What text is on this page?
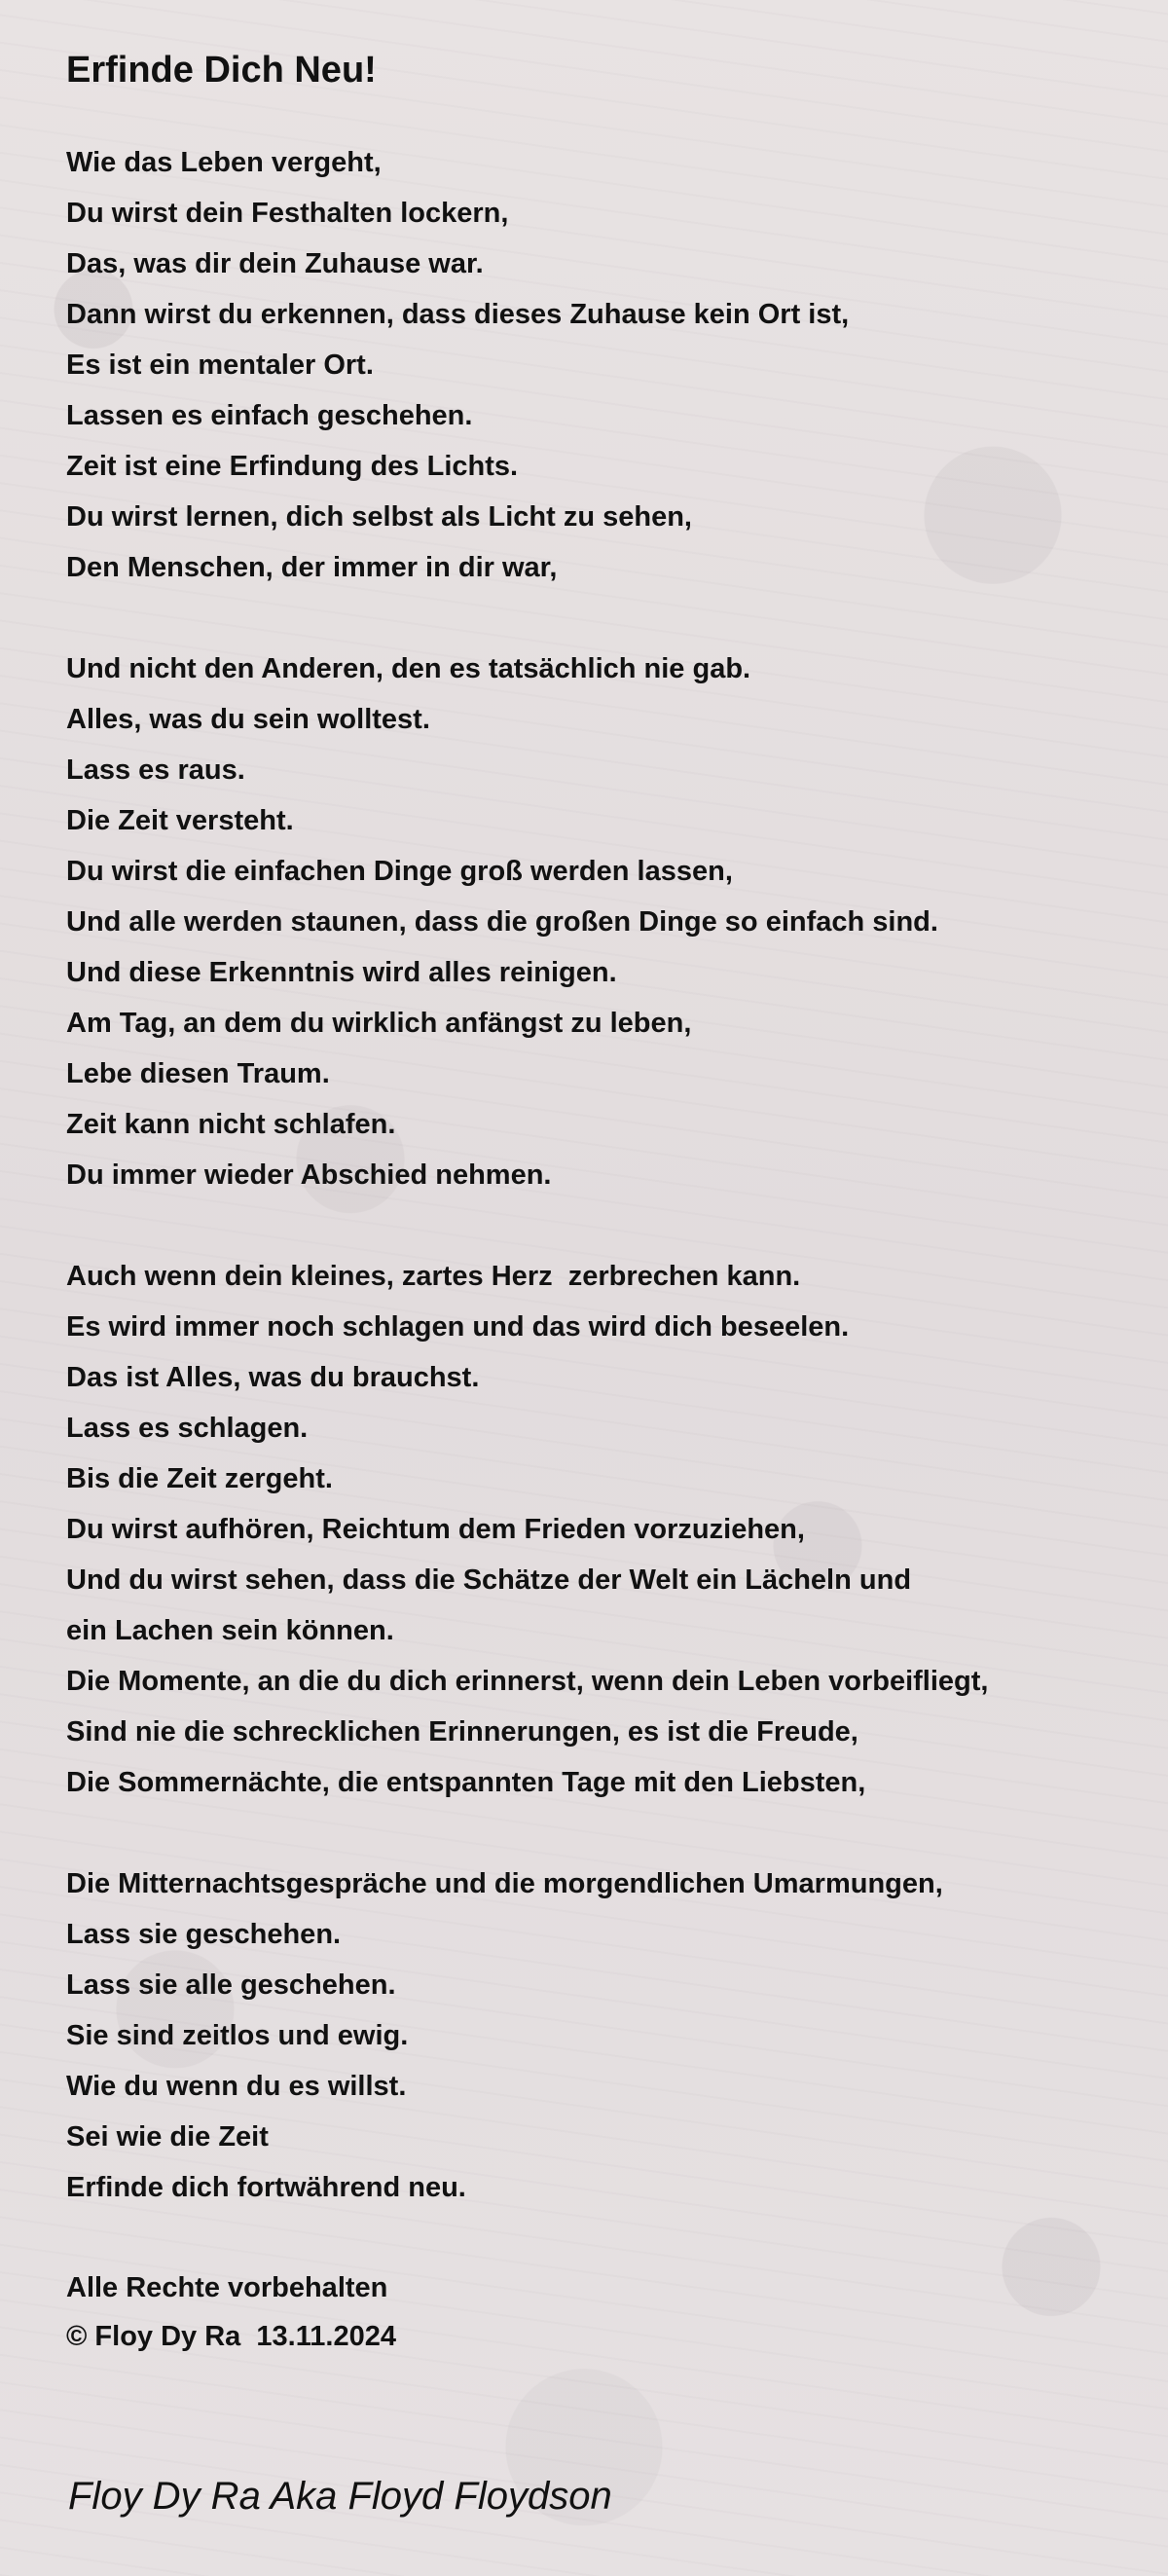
Erfinde Dich Neu!
Wie das Leben vergeht,
Du wirst dein Festhalten lockern,
Das, was dir dein Zuhause war.
Dann wirst du erkennen, dass dieses Zuhause kein Ort ist,
Es ist ein mentaler Ort.
Lassen es einfach geschehen.
Zeit ist eine Erfindung des Lichts.
Du wirst lernen, dich selbst als Licht zu sehen,
Den Menschen, der immer in dir war,
Und nicht den Anderen, den es tatsächlich nie gab.
Alles, was du sein wolltest.
Lass es raus.
Die Zeit versteht.
Du wirst die einfachen Dinge groß werden lassen,
Und alle werden staunen, dass die großen Dinge so einfach sind.
Und diese Erkenntnis wird alles reinigen.
Am Tag, an dem du wirklich anfängst zu leben,
Lebe diesen Traum.
Zeit kann nicht schlafen.
Du immer wieder Abschied nehmen.
Auch wenn dein kleines, zartes Herz  zerbrechen kann.
Es wird immer noch schlagen und das wird dich beseelen.
Das ist Alles, was du brauchst.
Lass es schlagen.
Bis die Zeit zergeht.
Du wirst aufhören, Reichtum dem Frieden vorzuziehen,
Und du wirst sehen, dass die Schätze der Welt ein Lächeln und
ein Lachen sein können.
Die Momente, an die du dich erinnerst, wenn dein Leben vorbeifliegt,
Sind nie die schrecklichen Erinnerungen, es ist die Freude,
Die Sommernächte, die entspannten Tage mit den Liebsten,
Die Mitternachtsgespräche und die morgendlichen Umarmungen,
Lass sie geschehen.
Lass sie alle geschehen.
Sie sind zeitlos und ewig.
Wie du wenn du es willst.
Sei wie die Zeit
Erfinde dich fortwährend neu.
Alle Rechte vorbehalten
© Floy Dy Ra  13.11.2024
Floy Dy Ra Aka Floyd Floydson
